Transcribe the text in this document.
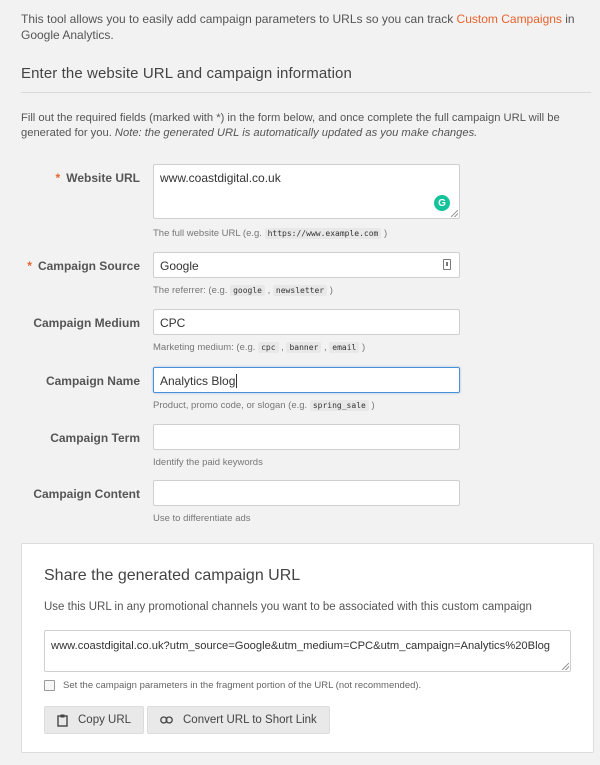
This tool allows you to easily add campaign parameters to URLs so you can track Custom Campaigns in Google Analytics.
Enter the website URL and campaign information
Fill out the required fields (marked with *) in the form below, and once complete the full campaign URL will be generated for you. Note: the generated URL is automatically updated as you make changes.
* Website URL	www.coastdigital.co.uk
G
The full website URL (e.g. https://www.example.com )
* Campaign Source	Google
The referrer: (e.g. google , newsletter )
Campaign Medium	CPC
Marketing medium: (e.g. cpc , banner , email )
Campaign Name	Analytics Blog
Product, promo code, or slogan (e.g. spring_sale )
Campaign Term
Identify the paid keywords
Campaign Content
Use to differentiate ads
Share the generated campaign URL
Use this URL in any promotional channels you want to be associated with this custom campaign
www.coastdigital.co.uk?utm_source=Google&utm_medium=CPC&utm_campaign=Analytics%20Blog
Set the campaign parameters in the fragment portion of the URL (not recommended).
Copy URL	Convert URL to Short Link
